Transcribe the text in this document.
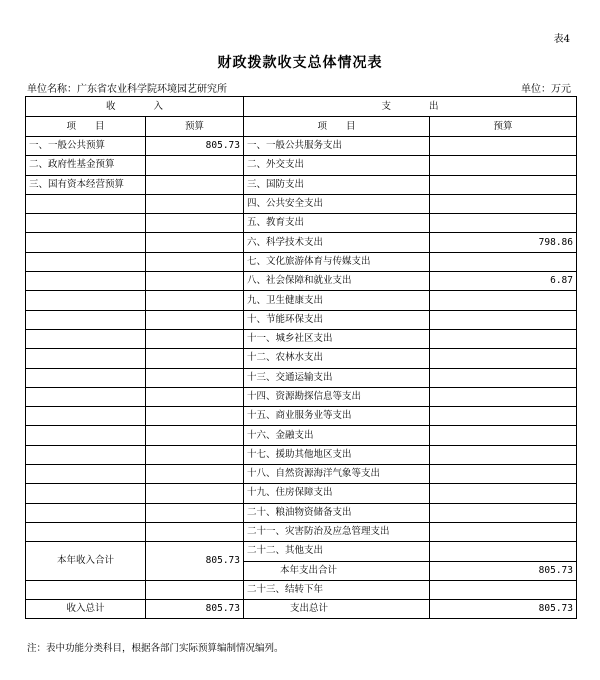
表4
财政拨款收支总体情况表
单位名称：广东省农业科学院环境园艺研究所	单位：万元
收　　　　入		支　　　　出	
项　　目	预算	项　　目	预算
一、一般公共预算	805.73	一、一般公共服务支出	
二、政府性基金预算		二、外交支出	
三、国有资本经营预算		三、国防支出	
		四、公共安全支出	
		五、教育支出	
		六、科学技术支出	798.86
		七、文化旅游体育与传媒支出	
		八、社会保障和就业支出	6.87
		九、卫生健康支出	
		十、节能环保支出	
		十一、城乡社区支出	
		十二、农林水支出	
		十三、交通运输支出	
		十四、资源勘探信息等支出	
		十五、商业服务业等支出	
		十六、金融支出	
		十七、援助其他地区支出	
		十八、自然资源海洋气象等支出	
		十九、住房保障支出	
		二十、粮油物资储备支出	
		二十一、灾害防治及应急管理支出	
本年收入合计	805.73	二十二、其他支出	
		本年支出合计	805.73
		二十三、结转下年	
收入总计	805.73	支出总计	805.73
注：表中功能分类科目，根据各部门实际预算编制情况编列。
